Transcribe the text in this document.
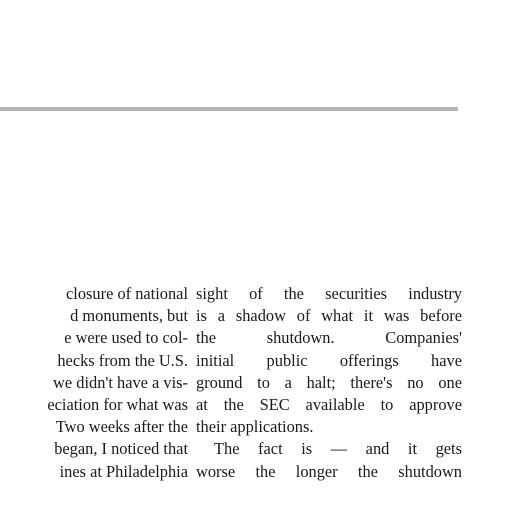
closure of national
d monuments, but
e were used to col-
hecks from the U.S.
we didn't have a vis-
eciation for what was
Two weeks after the
began, I noticed that
ines at Philadelphia
sight of the securities industry
is a shadow of what it was before
the shutdown. Companies'
initial public offerings have
ground to a halt; there's no one
at the SEC available to approve
their applications.
The fact is — and it gets
worse the longer the shutdown
